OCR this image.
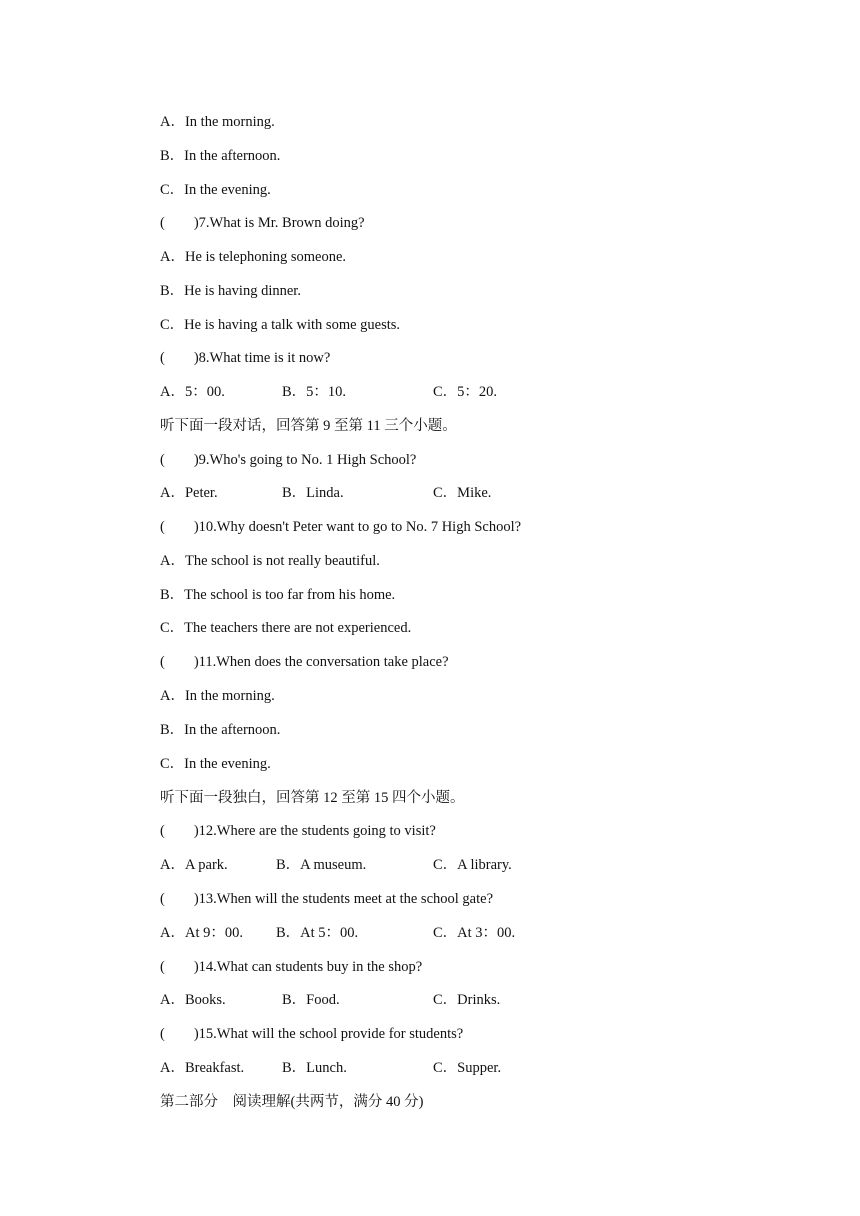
A．In the morning.
B．In the afternoon.
C．In the evening.
(　　)7.What is Mr. Brown doing?
A．He is telephoning someone.
B．He is having dinner.
C．He is having a talk with some guests.
(　　)8.What time is it now?
A．5：00.	B．5：10.	C．5：20.
听下面一段对话，回答第 9 至第 11 三个小题。
(　　)9.Who's going to No. 1 High School?
A．Peter.	B．Linda.	C．Mike.
(　　)10.Why doesn't Peter want to go to No. 7 High School?
A．The school is not really beautiful.
B．The school is too far from his home.
C．The teachers there are not experienced.
(　　)11.When does the conversation take place?
A．In the morning.
B．In the afternoon.
C．In the evening.
听下面一段独白，回答第 12 至第 15 四个小题。
(　　)12.Where are the students going to visit?
A．A park.	B．A museum.	C．A library.
(　　)13.When will the students meet at the school gate?
A．At 9：00. B．At 5：00.	C．At 3：00.
(　　)14.What can students buy in the shop?
A．Books.	B．Food.	C．Drinks.
(　　)15.What will the school provide for students?
A．Breakfast.	B．Lunch.	C．Supper.
第二部分　阅读理解(共两节，满分 40 分)
